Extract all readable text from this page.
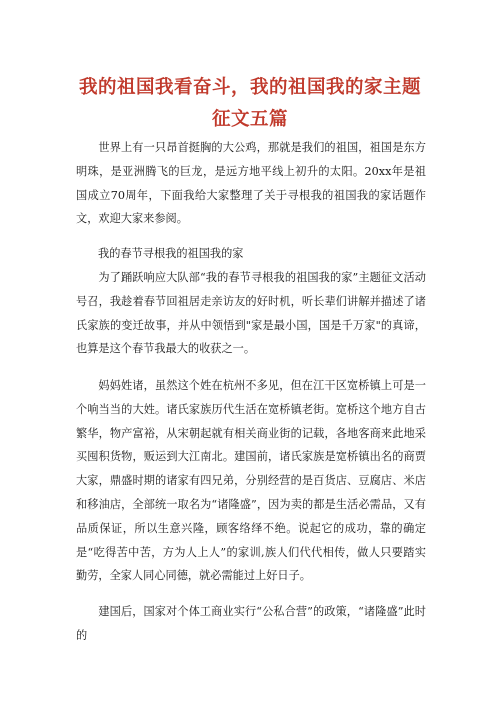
我的祖国我看奋斗，我的祖国我的家主题征文五篇

世界上有一只昂首挺胸的大公鸡，那就是我们的祖国，祖国是东方明珠，是亚洲腾飞的巨龙，是远方地平线上初升的太阳。20xx年是祖国成立70周年，下面我给大家整理了关于寻根我的祖国我的家话题作文，欢迎大家来参阅。

我的春节寻根我的祖国我的家

为了踊跃响应大队部“我的春节寻根我的祖国我的家”主题征文活动号召，我趁着春节回祖居走亲访友的好时机，听长辈们讲解并描述了诸氏家族的变迁故事，并从中领悟到"家是最小国，国是千万家"的真谛，也算是这个春节我最大的收获之一。

妈妈姓诸，虽然这个姓在杭州不多见，但在江干区宽桥镇上可是一个响当当的大姓。诸氏家族历代生活在宽桥镇老街。宽桥这个地方自古繁华，物产富裕，从宋朝起就有相关商业街的记载，各地客商来此地采买囤积货物，贩运到大江南北。建国前，诸氏家族是宽桥镇出名的商贾大家，鼎盛时期的诸家有四兄弟，分别经营的是百货店、豆腐店、米店和移油店，全部统一取名为“诸隆盛”，因为卖的都是生活必需品，又有品质保证，所以生意兴隆，顾客络绎不绝。说起它的成功，靠的确定是“吃得苦中苦，方为人上人”的家训,族人们代代相传，做人只要踏实勤劳，全家人同心同德，就必需能过上好日子。

建国后，国家对个体工商业实行“公私合营”的政策，“诸隆盛”此时的
